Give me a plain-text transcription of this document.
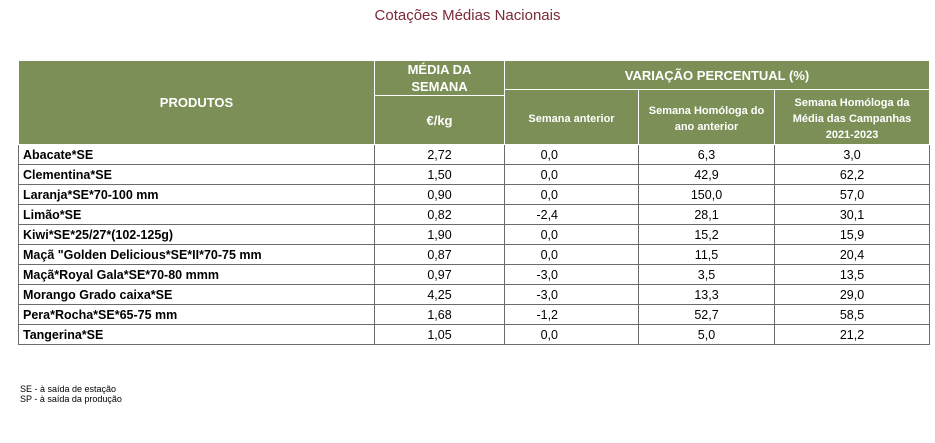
Cotações Médias Nacionais
PRODUTOS	MÉDIA DA SEMANA	VARIAÇÃO PERCENTUAL (%)		
		Semana anterior	Semana Homóloga do ano anterior	Semana Homóloga da Média das Campanhas 2021-2023
	€/kg			
Abacate*SE	2,72	0,0	6,3	3,0
Clementina*SE	1,50	0,0	42,9	62,2
Laranja*SE*70-100 mm	0,90	0,0	150,0	57,0
Limão*SE	0,82	-2,4	28,1	30,1
Kiwi*SE*25/27*(102-125g)	1,90	0,0	15,2	15,9
Maçã "Golden Delicious*SE*II*70-75 mm	0,87	0,0	11,5	20,4
Maçã*Royal Gala*SE*70-80 mmm	0,97	-3,0	3,5	13,5
Morango Grado caixa*SE	4,25	-3,0	13,3	29,0
Pera*Rocha*SE*65-75 mm	1,68	-1,2	52,7	58,5
Tangerina*SE	1,05	0,0	5,0	21,2
SE - à saída de estação
SP - à saída da produção
